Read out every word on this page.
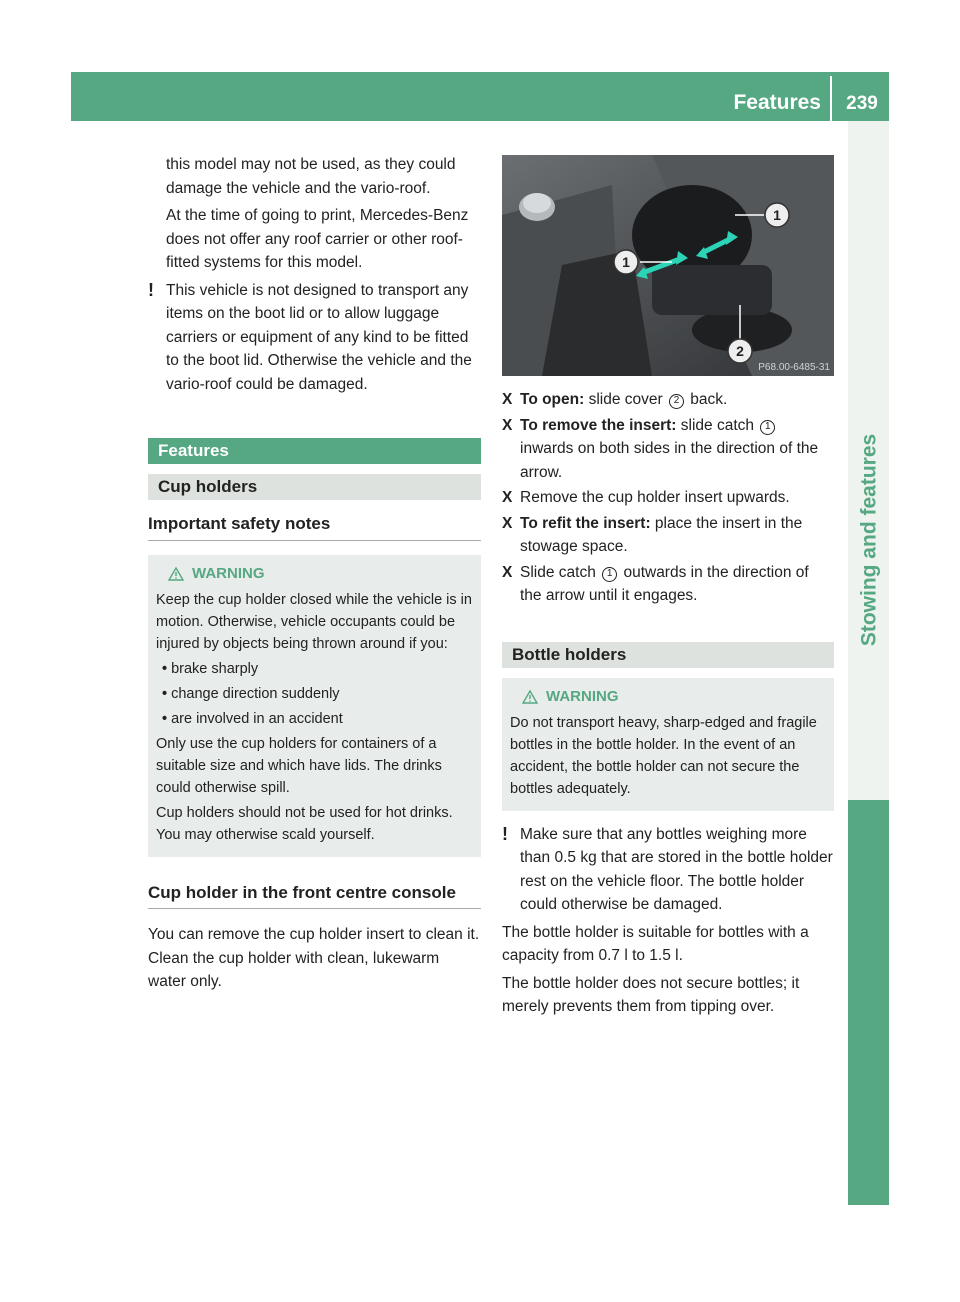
Features	239
Stowing and features

this model may not be used, as they could damage the vehicle and the vario-roof.

At the time of going to print, Mercedes-Benz does not offer any roof carrier or other roof-fitted systems for this model.

! This vehicle is not designed to transport any items on the boot lid or to allow luggage carriers or equipment of any kind to be fitted to the boot lid. Otherwise the vehicle and the vario-roof could be damaged.
Features
Cup holders
Important safety notes
WARNING

Keep the cup holder closed while the vehicle is in motion. Otherwise, vehicle occupants could be injured by objects being thrown around if you:

• brake sharply
• change direction suddenly
• are involved in an accident

Only use the cup holders for containers of a suitable size and which have lids. The drinks could otherwise spill.

Cup holders should not be used for hot drinks. You may otherwise scald yourself.

Cup holder in the front centre console

You can remove the cup holder insert to clean it. Clean the cup holder with clean, lukewarm water only.

1
1
2
P68.00-6485-31
X To open: slide cover 2 back.
X To remove the insert: slide catch 1 inwards on both sides in the direction of the arrow.
X Remove the cup holder insert upwards.
X To refit the insert: place the insert in the stowage space.
X Slide catch 1 outwards in the direction of the arrow until it engages.
Bottle holders
WARNING

Do not transport heavy, sharp-edged and fragile bottles in the bottle holder. In the event of an accident, the bottle holder can not secure the bottles adequately.

! Make sure that any bottles weighing more than 0.5 kg that are stored in the bottle holder rest on the vehicle floor. The bottle holder could otherwise be damaged.

The bottle holder is suitable for bottles with a capacity from 0.7 l to 1.5 l.

The bottle holder does not secure bottles; it merely prevents them from tipping over.
